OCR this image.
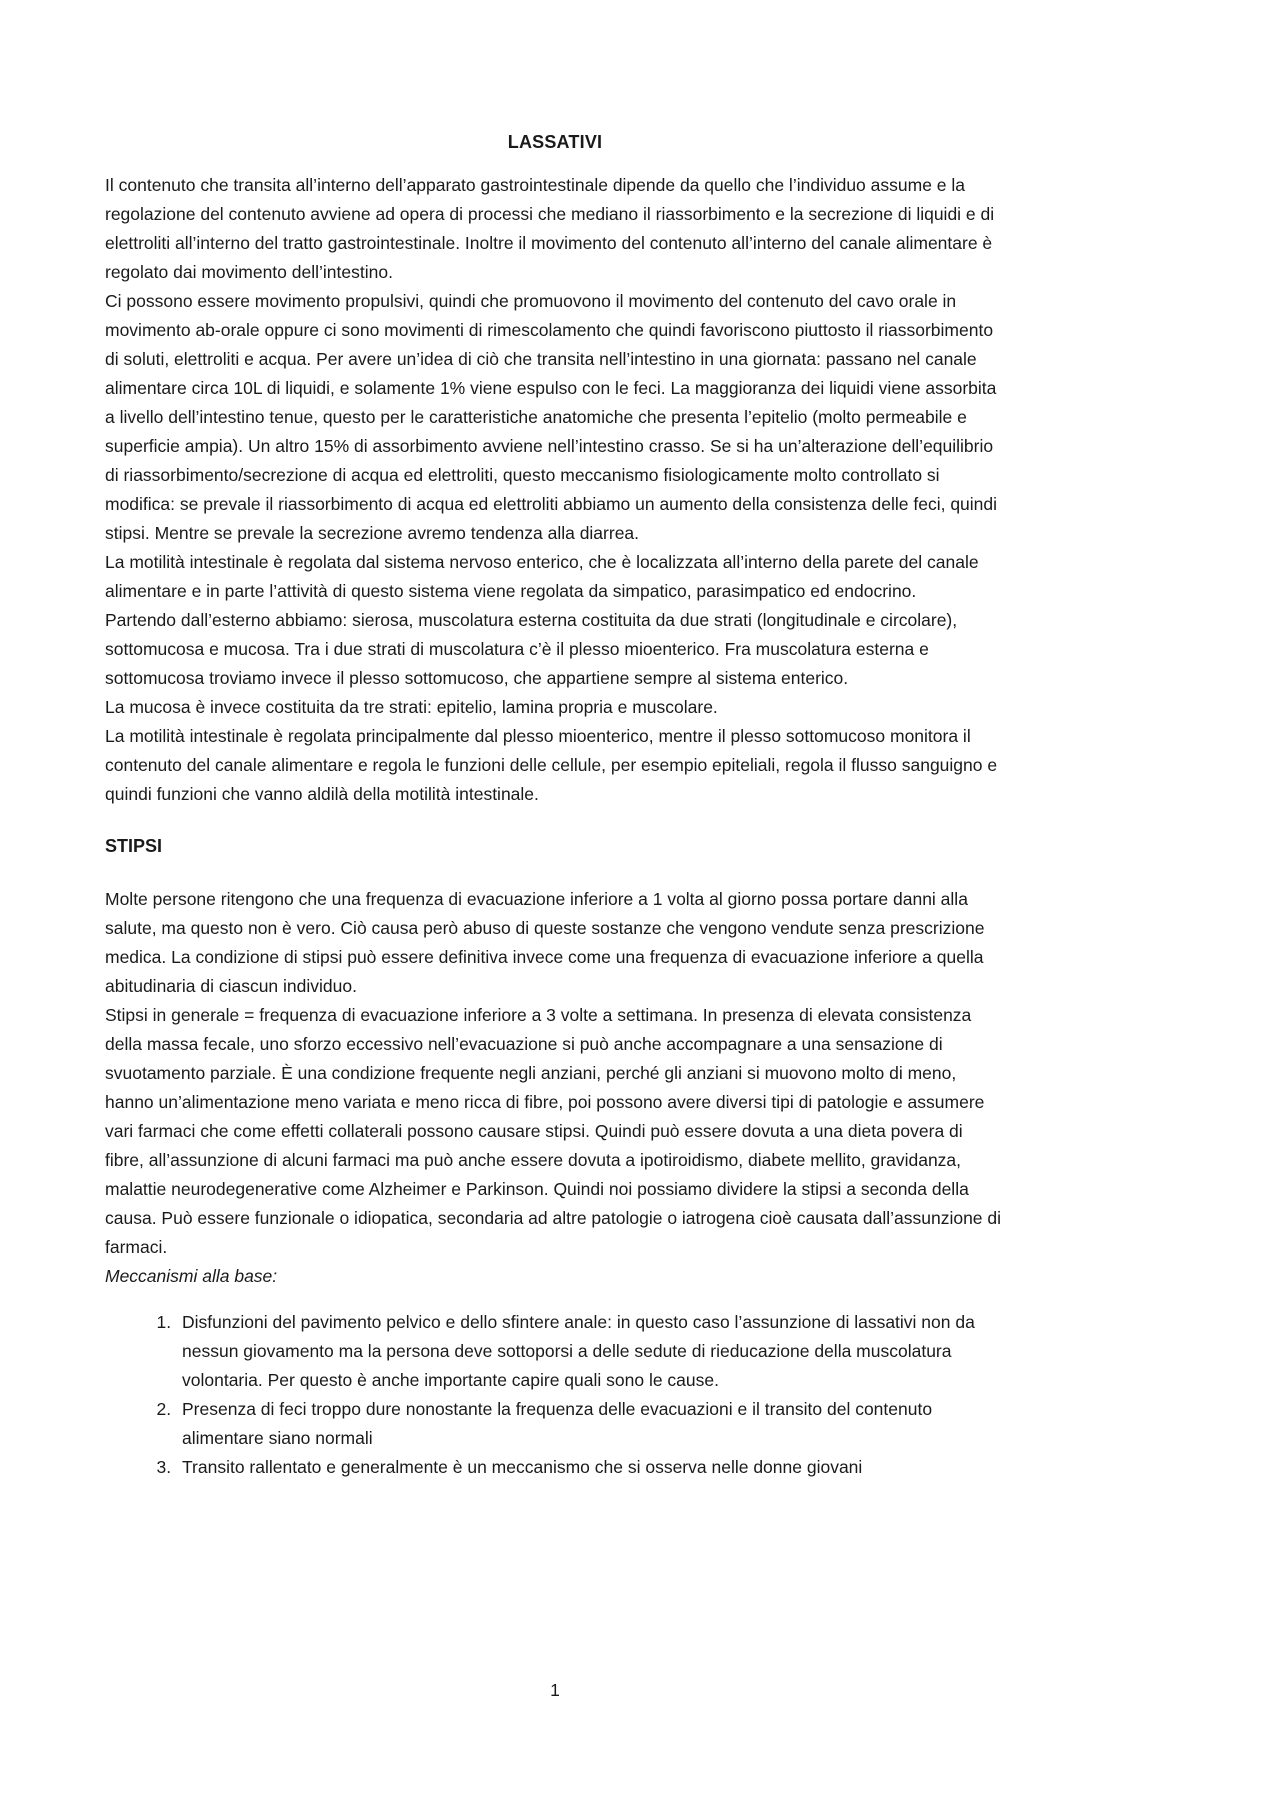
LASSATIVI

Il contenuto che transita all’interno dell’apparato gastrointestinale dipende da quello che l’individuo assume e la regolazione del contenuto avviene ad opera di processi che mediano il riassorbimento e la secrezione di liquidi e di elettroliti all’interno del tratto gastrointestinale. Inoltre il movimento del contenuto all’interno del canale alimentare è regolato dai movimento dell’intestino.

Ci possono essere movimento propulsivi, quindi che promuovono il movimento del contenuto del cavo orale in movimento ab-orale oppure ci sono movimenti di rimescolamento che quindi favoriscono piuttosto il riassorbimento di soluti, elettroliti e acqua. Per avere un’idea di ciò che transita nell’intestino in una giornata: passano nel canale alimentare circa 10L di liquidi, e solamente 1% viene espulso con le feci. La maggioranza dei liquidi viene assorbita a livello dell’intestino tenue, questo per le caratteristiche anatomiche che presenta l’epitelio (molto permeabile e superficie ampia). Un altro 15% di assorbimento avviene nell’intestino crasso. Se si ha un’alterazione dell’equilibrio di riassorbimento/secrezione di acqua ed elettroliti, questo meccanismo fisiologicamente molto controllato si modifica: se prevale il riassorbimento di acqua ed elettroliti abbiamo un aumento della consistenza delle feci, quindi stipsi. Mentre se prevale la secrezione avremo tendenza alla diarrea.

La motilità intestinale è regolata dal sistema nervoso enterico, che è localizzata all’interno della parete del canale alimentare e in parte l’attività di questo sistema viene regolata da simpatico, parasimpatico ed endocrino.

Partendo dall’esterno abbiamo: sierosa, muscolatura esterna costituita da due strati (longitudinale e circolare), sottomucosa e mucosa. Tra i due strati di muscolatura c’è il plesso mioenterico. Fra muscolatura esterna e sottomucosa troviamo invece il plesso sottomucoso, che appartiene sempre al sistema enterico.

La mucosa è invece costituita da tre strati: epitelio, lamina propria e muscolare.

La motilità intestinale è regolata principalmente dal plesso mioenterico, mentre il plesso sottomucoso monitora il contenuto del canale alimentare e regola le funzioni delle cellule, per esempio epiteliali, regola il flusso sanguigno e quindi funzioni che vanno aldilà della motilità intestinale.

STIPSI

Molte persone ritengono che una frequenza di evacuazione inferiore a 1 volta al giorno possa portare danni alla salute, ma questo non è vero. Ciò causa però abuso di queste sostanze che vengono vendute senza prescrizione medica. La condizione di stipsi può essere definitiva invece come una frequenza di evacuazione inferiore a quella abitudinaria di ciascun individuo.

Stipsi in generale = frequenza di evacuazione inferiore a 3 volte a settimana. In presenza di elevata consistenza della massa fecale, uno sforzo eccessivo nell’evacuazione si può anche accompagnare a una sensazione di svuotamento parziale. È una condizione frequente negli anziani, perché gli anziani si muovono molto di meno, hanno un’alimentazione meno variata e meno ricca di fibre, poi possono avere diversi tipi di patologie e assumere vari farmaci che come effetti collaterali possono causare stipsi. Quindi può essere dovuta a una dieta povera di fibre, all’assunzione di alcuni farmaci ma può anche essere dovuta a ipotiroidismo, diabete mellito, gravidanza, malattie neurodegenerative come Alzheimer e Parkinson. Quindi noi possiamo dividere la stipsi a seconda della causa. Può essere funzionale o idiopatica, secondaria ad altre patologie o iatrogena cioè causata dall’assunzione di farmaci.

Meccanismi alla base:

1. Disfunzioni del pavimento pelvico e dello sfintere anale: in questo caso l’assunzione di lassativi non da nessun giovamento ma la persona deve sottoporsi a delle sedute di rieducazione della muscolatura volontaria. Per questo è anche importante capire quali sono le cause.
2. Presenza di feci troppo dure nonostante la frequenza delle evacuazioni e il transito del contenuto alimentare siano normali
3. Transito rallentato e generalmente è un meccanismo che si osserva nelle donne giovani
1
